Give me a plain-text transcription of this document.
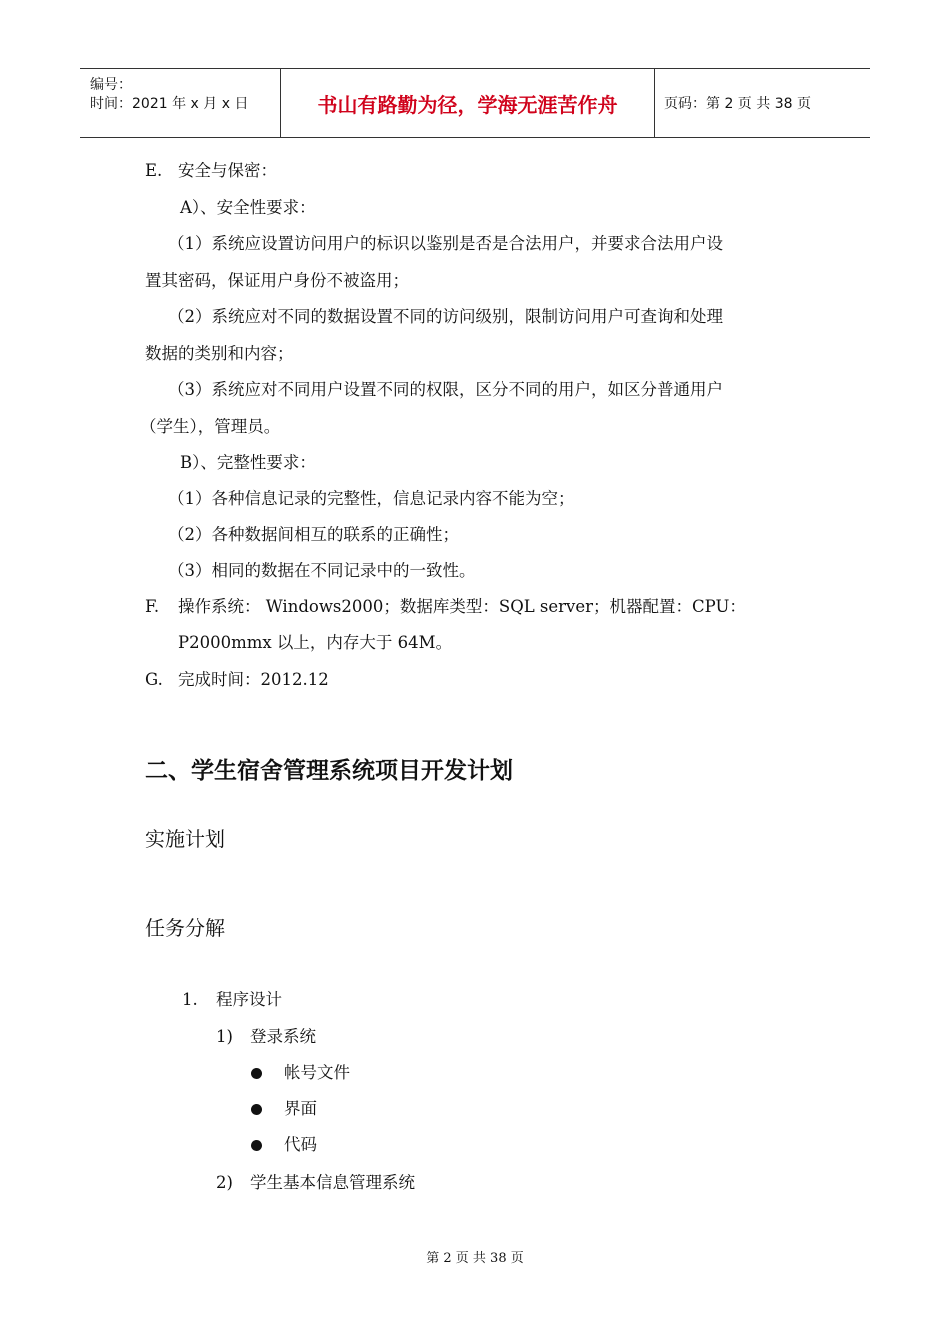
编号：
时间：2021 年 x 月 x 日	书山有路勤为径，学海无涯苦作舟	页码：第 2 页 共 38 页
E. 安全与保密：
A）、安全性要求：
（1）系统应设置访问用户的标识以鉴别是否是合法用户，并要求合法用户设
置其密码，保证用户身份不被盗用；
（2）系统应对不同的数据设置不同的访问级别，限制访问用户可查询和处理
数据的类别和内容；
（3）系统应对不同用户设置不同的权限，区分不同的用户，如区分普通用户
（学生），管理员。
B）、完整性要求：
（1）各种信息记录的完整性，信息记录内容不能为空；
（2）各种数据间相互的联系的正确性；
（3）相同的数据在不同记录中的一致性。
F. 操作系统： Windows2000；数据库类型：SQL server；机器配置：CPU：
P2000mmx 以上，内存大于 64M。
G. 完成时间：2012.12
二、学生宿舍管理系统项目开发计划
实施计划
任务分解
1. 程序设计
1) 登录系统
帐号文件
界面
代码
2) 学生基本信息管理系统
第 2 页 共 38 页
